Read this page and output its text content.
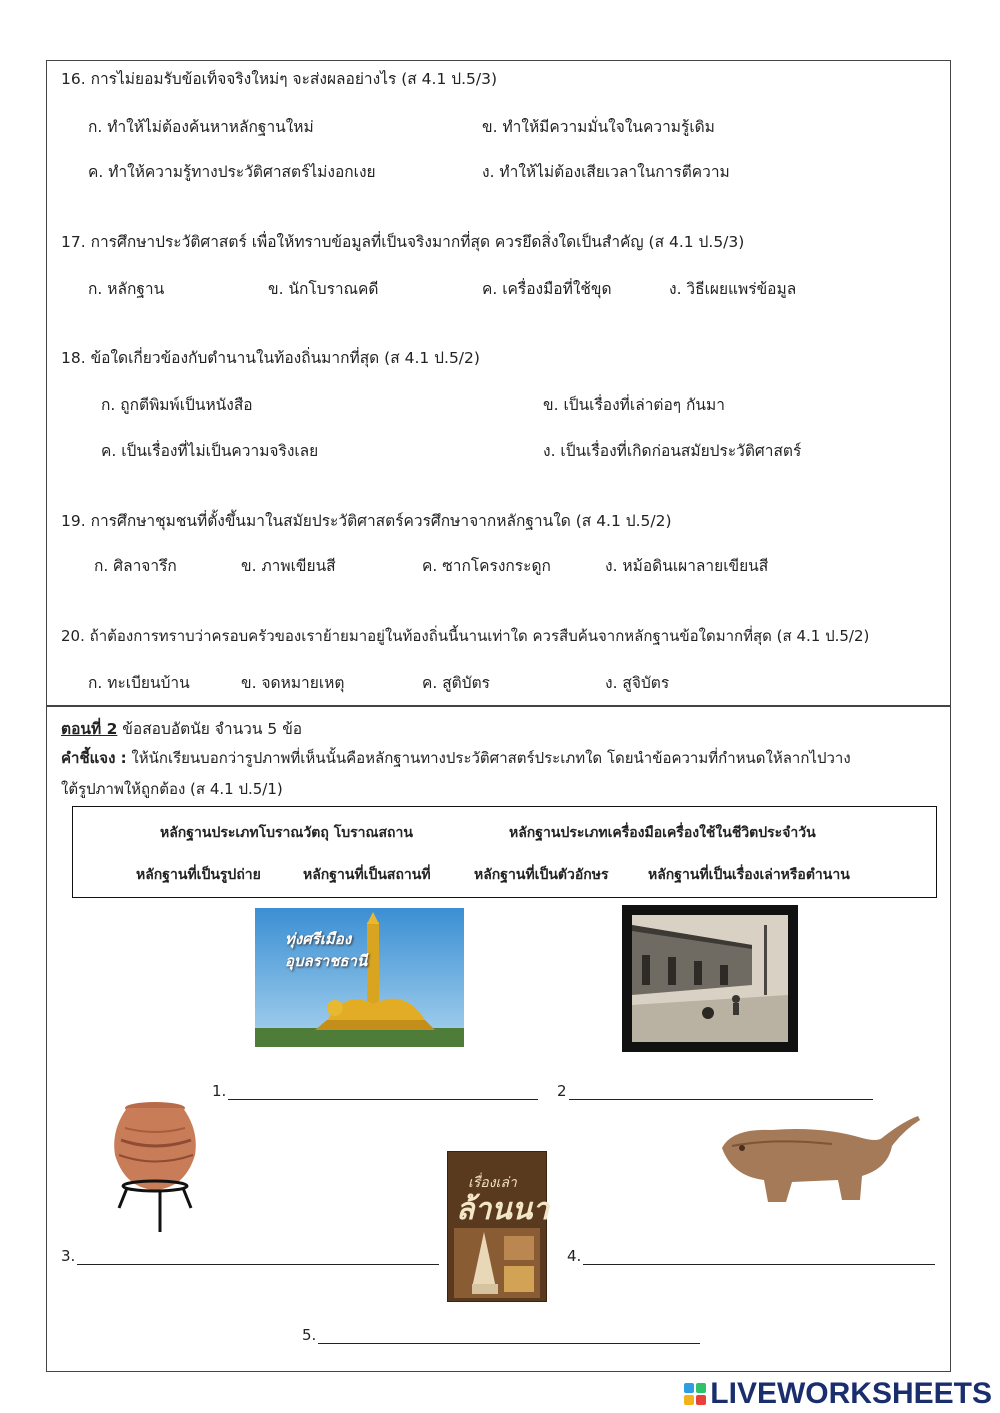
16. การไม่ยอมรับข้อเท็จจริงใหม่ๆ จะส่งผลอย่างไร (ส 4.1 ป.5/3)
ก. ทำให้ไม่ต้องค้นหาหลักฐานใหม่	ข. ทำให้มีความมั่นใจในความรู้เดิม
ค. ทำให้ความรู้ทางประวัติศาสตร์ไม่งอกเงย	ง. ทำให้ไม่ต้องเสียเวลาในการตีความ
17. การศึกษาประวัติศาสตร์ เพื่อให้ทราบข้อมูลที่เป็นจริงมากที่สุด ควรยึดสิ่งใดเป็นสำคัญ (ส 4.1 ป.5/3)
ก. หลักฐาน	ข. นักโบราณคดี	ค. เครื่องมือที่ใช้ขุด	ง. วิธีเผยแพร่ข้อมูล
18. ข้อใดเกี่ยวข้องกับตำนานในท้องถิ่นมากที่สุด (ส 4.1 ป.5/2)
ก. ถูกตีพิมพ์เป็นหนังสือ	ข. เป็นเรื่องที่เล่าต่อๆ กันมา
ค. เป็นเรื่องที่ไม่เป็นความจริงเลย	ง. เป็นเรื่องที่เกิดก่อนสมัยประวัติศาสตร์
19. การศึกษาชุมชนที่ตั้งขึ้นมาในสมัยประวัติศาสตร์ควรศึกษาจากหลักฐานใด (ส 4.1 ป.5/2)
ก. ศิลาจารึก	ข. ภาพเขียนสี	ค. ซากโครงกระดูก	ง. หม้อดินเผาลายเขียนสี
20. ถ้าต้องการทราบว่าครอบครัวของเราย้ายมาอยู่ในท้องถิ่นนี้นานเท่าใด ควรสืบค้นจากหลักฐานข้อใดมากที่สุด (ส 4.1 ป.5/2)
ก. ทะเบียนบ้าน	ข. จดหมายเหตุ	ค. สูติบัตร	ง. สูจิบัตร
ตอนที่ 2 ข้อสอบอัตนัย จำนวน 5 ข้อ
คำชี้แจง : ให้นักเรียนบอกว่ารูปภาพที่เห็นนั้นคือหลักฐานทางประวัติศาสตร์ประเภทใด โดยนำข้อความที่กำหนดให้ลากไปวาง
ใต้รูปภาพให้ถูกต้อง (ส 4.1 ป.5/1)
หลักฐานประเภทโบราณวัตถุ โบราณสถาน	หลักฐานประเภทเครื่องมือเครื่องใช้ในชีวิตประจำวัน
หลักฐานที่เป็นรูปถ่าย	หลักฐานที่เป็นสถานที่	หลักฐานที่เป็นตัวอักษร	หลักฐานที่เป็นเรื่องเล่าหรือตำนาน
ทุ่งศรีเมือง อุบลราชธานี
1.	2
เรื่องเล่า
ล้านนา
3.	4.
5.
LIVEWORKSHEETS
